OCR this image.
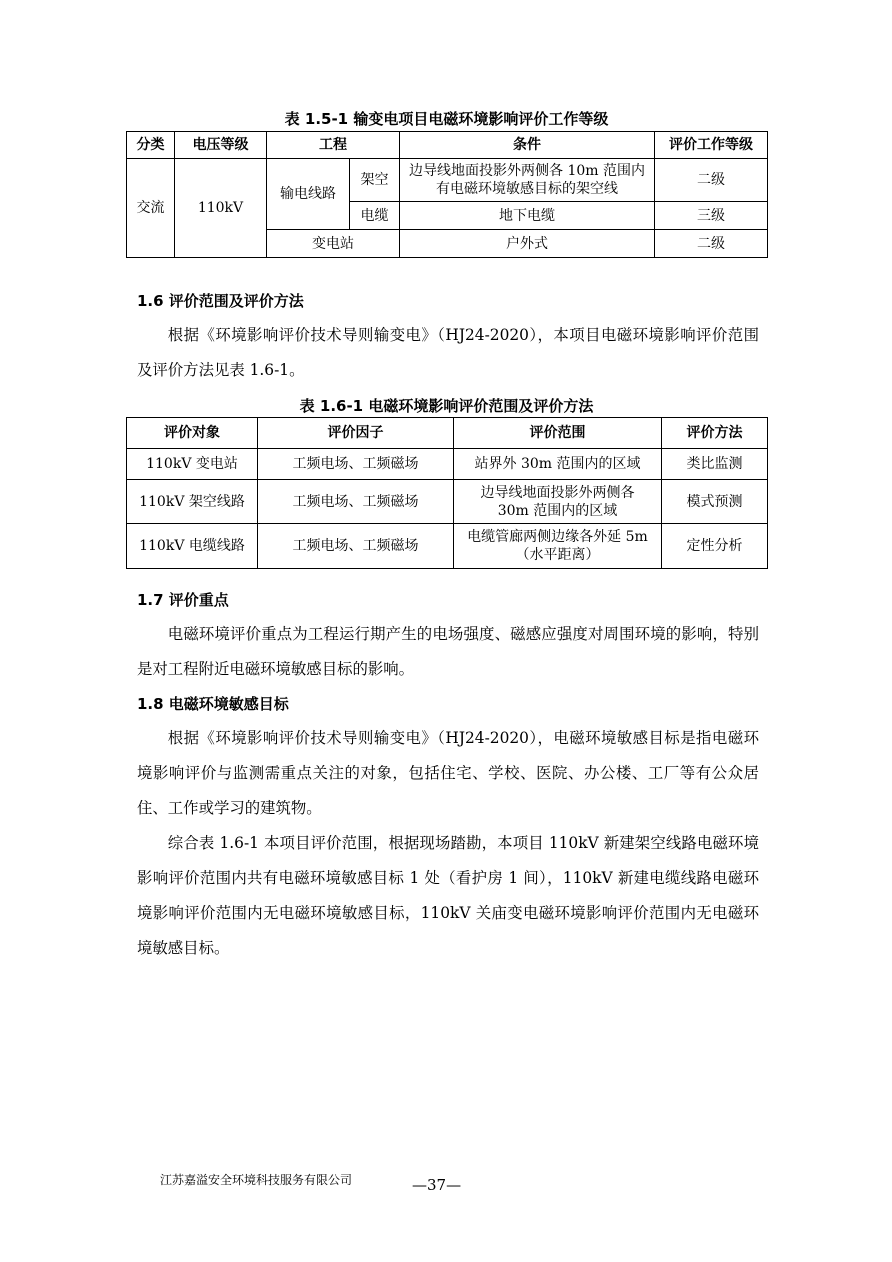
表 1.5-1 输变电项目电磁环境影响评价工作等级
分类	电压等级	工程		条件	评价工作等级
交流	110kV	输电线路	架空	边导线地面投影外两侧各 10m 范围内有电磁环境敏感目标的架空线	二级
			电缆	地下电缆	三级
		变电站		户外式	二级
1.6 评价范围及评价方法
根据《环境影响评价技术导则输变电》（HJ24-2020），本项目电磁环境影响评价范围及评价方法见表 1.6-1。
表 1.6-1 电磁环境影响评价范围及评价方法
评价对象	评价因子	评价范围	评价方法
110kV 变电站	工频电场、工频磁场	站界外 30m 范围内的区域	类比监测
110kV 架空线路	工频电场、工频磁场	边导线地面投影外两侧各 30m 范围内的区域	模式预测
110kV 电缆线路	工频电场、工频磁场	电缆管廊两侧边缘各外延 5m（水平距离）	定性分析
1.7 评价重点
电磁环境评价重点为工程运行期产生的电场强度、磁感应强度对周围环境的影响，特别是对工程附近电磁环境敏感目标的影响。
1.8 电磁环境敏感目标
根据《环境影响评价技术导则输变电》（HJ24-2020），电磁环境敏感目标是指电磁环境影响评价与监测需重点关注的对象，包括住宅、学校、医院、办公楼、工厂等有公众居住、工作或学习的建筑物。
综合表 1.6-1 本项目评价范围，根据现场踏勘，本项目 110kV 新建架空线路电磁环境影响评价范围内共有电磁环境敏感目标 1 处（看护房 1 间），110kV 新建电缆线路电磁环境影响评价范围内无电磁环境敏感目标，110kV 关庙变电磁环境影响评价范围内无电磁环境敏感目标。
江苏嘉溢安全环境科技服务有限公司	—37—
